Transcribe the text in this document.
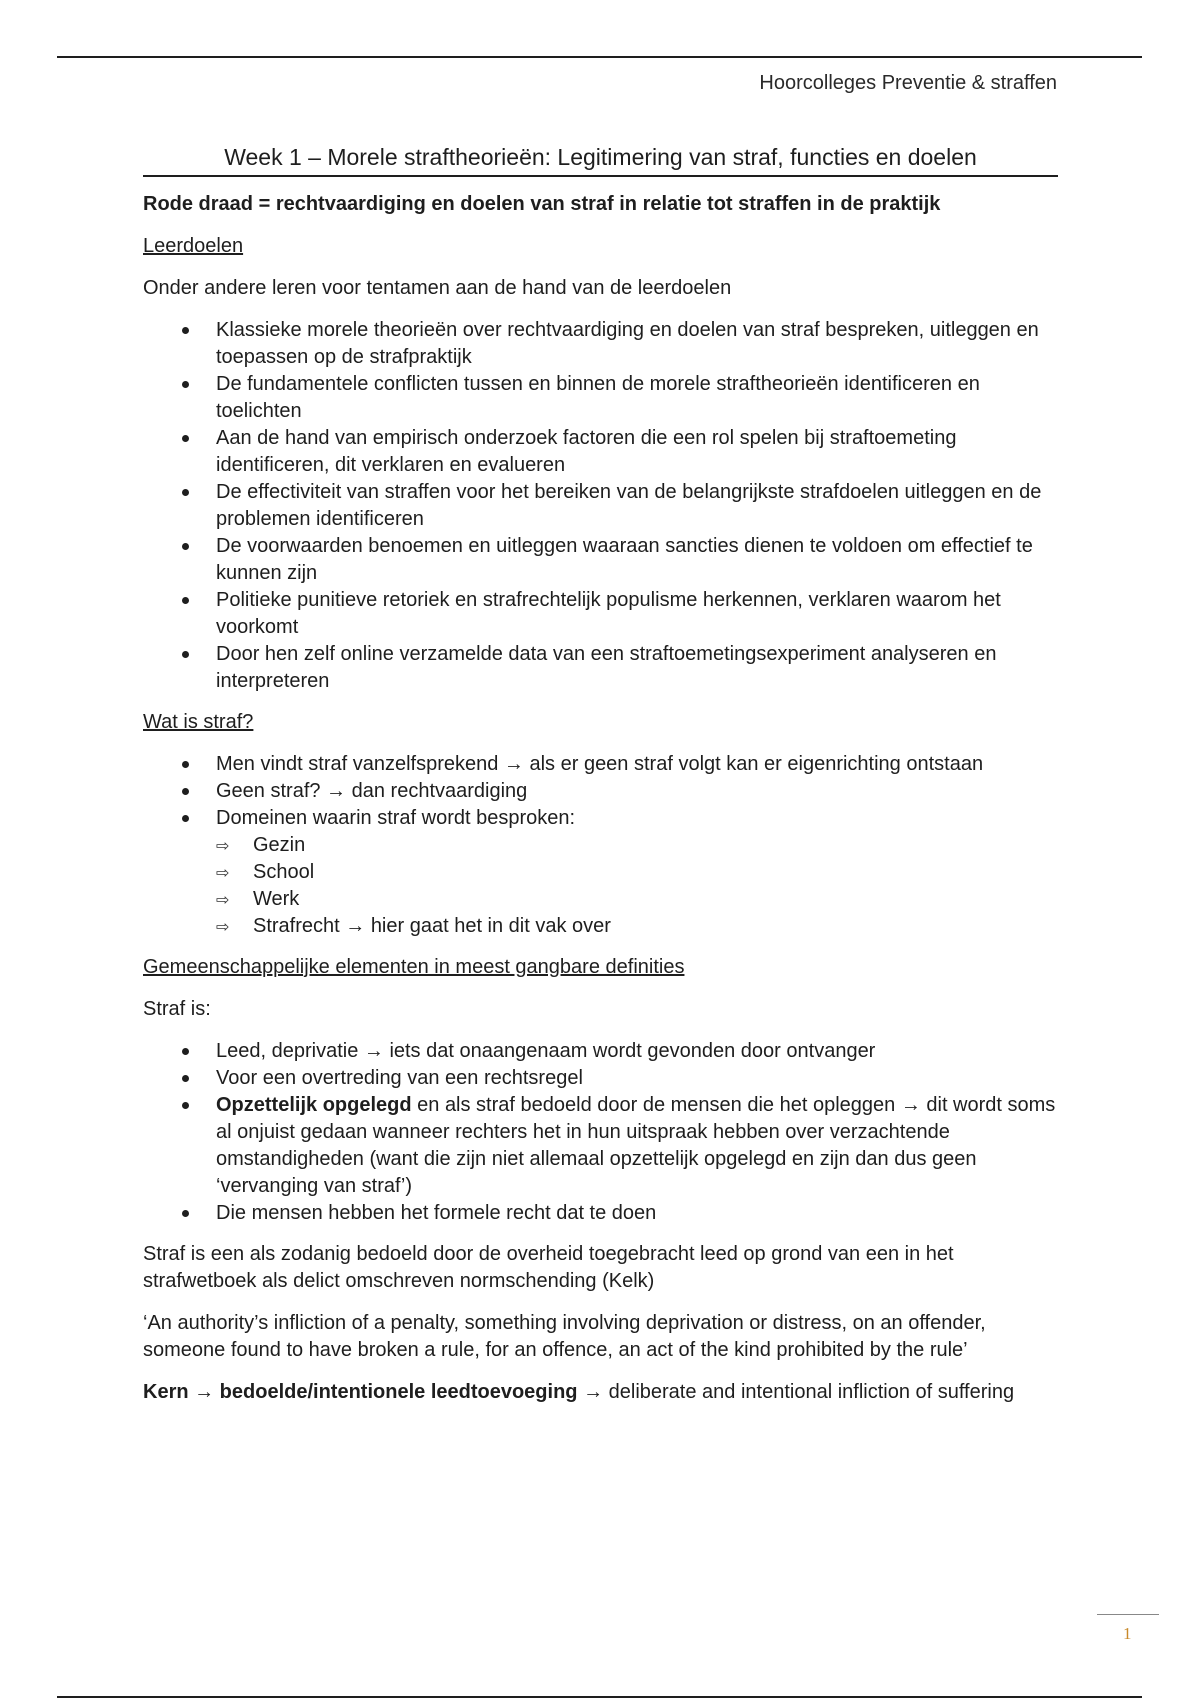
Hoorcolleges Preventie & straffen
Week 1 – Morele straftheorieën: Legitimering van straf, functies en doelen
Rode draad = rechtvaardiging en doelen van straf in relatie tot straffen in de praktijk
Leerdoelen

Onder andere leren voor tentamen aan de hand van de leerdoelen

Klassieke morele theorieën over rechtvaardiging en doelen van straf bespreken, uitleggen en toepassen op de strafpraktijk
De fundamentele conflicten tussen en binnen de morele straftheorieën identificeren en toelichten
Aan de hand van empirisch onderzoek factoren die een rol spelen bij straftoemeting identificeren, dit verklaren en evalueren
De effectiviteit van straffen voor het bereiken van de belangrijkste strafdoelen uitleggen en de problemen identificeren
De voorwaarden benoemen en uitleggen waaraan sancties dienen te voldoen om effectief te kunnen zijn
Politieke punitieve retoriek en strafrechtelijk populisme herkennen, verklaren waarom het voorkomt
Door hen zelf online verzamelde data van een straftoemetingsexperiment analyseren en interpreteren
Wat is straf?
Men vindt straf vanzelfsprekend → als er geen straf volgt kan er eigenrichting ontstaan
Geen straf? → dan rechtvaardiging
Domeinen waarin straf wordt besproken:
⇨ Gezin
⇨ School
⇨ Werk
⇨ Strafrecht → hier gaat het in dit vak over
Gemeenschappelijke elementen in meest gangbare definities

Straf is:

Leed, deprivatie → iets dat onaangenaam wordt gevonden door ontvanger
Voor een overtreding van een rechtsregel
Opzettelijk opgelegd en als straf bedoeld door de mensen die het opleggen → dit wordt soms al onjuist gedaan wanneer rechters het in hun uitspraak hebben over verzachtende omstandigheden (want die zijn niet allemaal opzettelijk opgelegd en zijn dan dus geen ‘vervanging van straf’)
Die mensen hebben het formele recht dat te doen

Straf is een als zodanig bedoeld door de overheid toegebracht leed op grond van een in het strafwetboek als delict omschreven normschending (Kelk)

‘An authority’s infliction of a penalty, something involving deprivation or distress, on an offender, someone found to have broken a rule, for an offence, an act of the kind prohibited by the rule’

Kern → bedoelde/intentionele leedtoevoeging → deliberate and intentional infliction of suffering

1
